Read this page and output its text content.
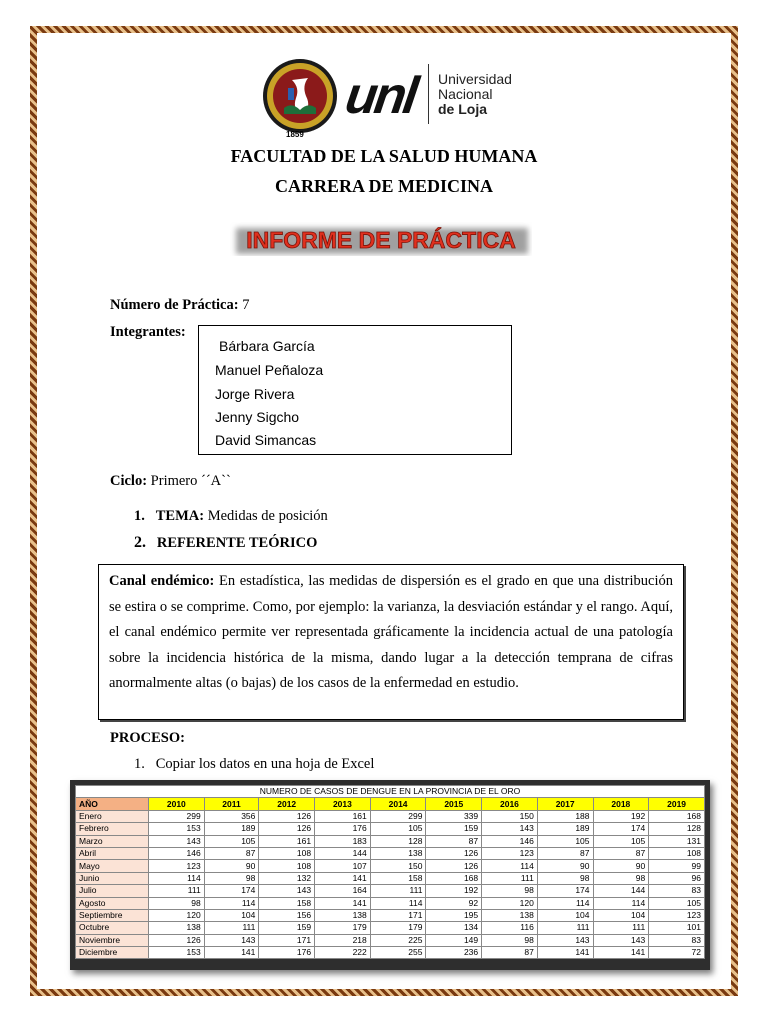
1859
unl Universidad
Nacional
de Loja
FACULTAD DE LA SALUD HUMANA
CARRERA DE MEDICINA
INFORME DE PRÁCTICA
Número de Práctica: 7
Integrantes:
Bárbara García
Manuel Peñaloza
Jorge Rivera
Jenny Sigcho
David Simancas
Ciclo: Primero ´´A``
1. TEMA: Medidas de posición
2. REFERENTE TEÓRICO
Canal endémico: En estadística, las medidas de dispersión es el grado en que una distribución se estira o se comprime. Como, por ejemplo: la varianza, la desviación estándar y el rango. Aquí, el canal endémico permite ver representada gráficamente la incidencia actual de una patología sobre la incidencia histórica de la misma, dando lugar a la detección temprana de cifras anormalmente altas (o bajas) de los casos de la enfermedad en estudio.
PROCESO:
1. Copiar los datos en una hoja de Excel
NUMERO DE CASOS DE DENGUE EN LA PROVINCIA DE EL ORO										
AÑO	2010	2011	2012	2013	2014	2015	2016	2017	2018	2019
Enero	299	356	126	161	299	339	150	188	192	168
Febrero	153	189	126	176	105	159	143	189	174	128
Marzo	143	105	161	183	128	87	146	105	105	131
Abril	146	87	108	144	138	126	123	87	87	108
Mayo	123	90	108	107	150	126	114	90	90	99
Junio	114	98	132	141	158	168	111	98	98	96
Julio	111	174	143	164	111	192	98	174	144	83
Agosto	98	114	158	141	114	92	120	114	114	105
Septiembre	120	104	156	138	171	195	138	104	104	123
Octubre	138	111	159	179	179	134	116	111	111	101
Noviembre	126	143	171	218	225	149	98	143	143	83
Diciembre	153	141	176	222	255	236	87	141	141	72
